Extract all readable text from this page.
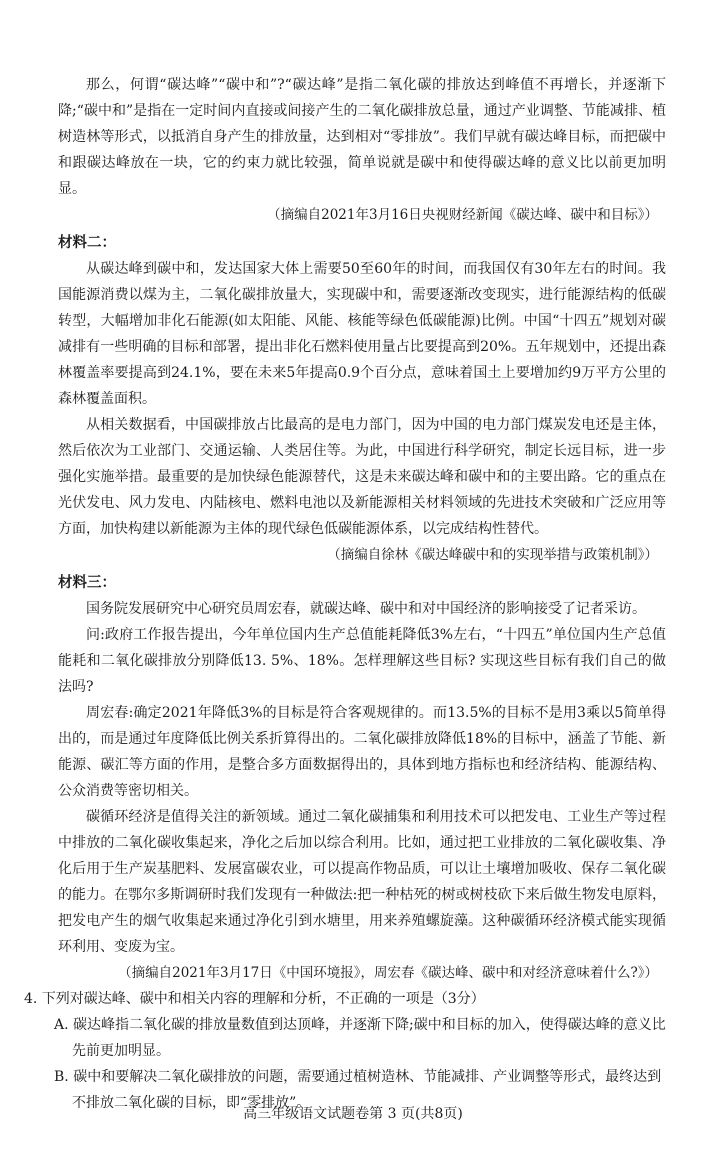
那么，何谓“碳达峰”“碳中和”?“碳达峰”是指二氧化碳的排放达到峰值不再增长，并逐渐下降;“碳中和”是指在一定时间内直接或间接产生的二氧化碳排放总量，通过产业调整、节能减排、植树造林等形式，以抵消自身产生的排放量，达到相对“零排放”。我们早就有碳达峰目标，而把碳中和跟碳达峰放在一块，它的约束力就比较强，简单说就是碳中和使得碳达峰的意义比以前更加明显。

（摘编自2021年3月16日央视财经新闻《碳达峰、碳中和目标》）

材料二：

从碳达峰到碳中和，发达国家大体上需要50至60年的时间，而我国仅有30年左右的时间。我国能源消费以煤为主，二氧化碳排放量大，实现碳中和，需要逐渐改变现实，进行能源结构的低碳转型，大幅增加非化石能源(如太阳能、风能、核能等绿色低碳能源)比例。中国“十四五”规划对碳减排有一些明确的目标和部署，提出非化石燃料使用量占比要提高到20%。五年规划中，还提出森林覆盖率要提高到24.1%，要在未来5年提高0.9个百分点，意味着国土上要增加约9万平方公里的森林覆盖面积。

从相关数据看，中国碳排放占比最高的是电力部门，因为中国的电力部门煤炭发电还是主体，然后依次为工业部门、交通运输、人类居住等。为此，中国进行科学研究，制定长远目标，进一步强化实施举措。最重要的是加快绿色能源替代，这是未来碳达峰和碳中和的主要出路。它的重点在光伏发电、风力发电、内陆核电、燃料电池以及新能源相关材料领域的先进技术突破和广泛应用等方面，加快构建以新能源为主体的现代绿色低碳能源体系，以完成结构性替代。

（摘编自徐林《碳达峰碳中和的实现举措与政策机制》）

材料三：

国务院发展研究中心研究员周宏春，就碳达峰、碳中和对中国经济的影响接受了记者采访。

问:政府工作报告提出，今年单位国内生产总值能耗降低3%左右，“十四五”单位国内生产总值能耗和二氧化碳排放分别降低13. 5%、18%。怎样理解这些目标? 实现这些目标有我们自己的做法吗?

周宏春:确定2021年降低3%的目标是符合客观规律的。而13.5%的目标不是用3乘以5简单得出的，而是通过年度降低比例关系折算得出的。二氧化碳排放降低18%的目标中，涵盖了节能、新能源、碳汇等方面的作用，是整合多方面数据得出的，具体到地方指标也和经济结构、能源结构、公众消费等密切相关。

碳循环经济是值得关注的新领域。通过二氧化碳捕集和利用技术可以把发电、工业生产等过程中排放的二氧化碳收集起来，净化之后加以综合利用。比如，通过把工业排放的二氧化碳收集、净化后用于生产炭基肥料、发展富碳农业，可以提高作物品质，可以让土壤增加吸收、保存二氧化碳的能力。在鄂尔多斯调研时我们发现有一种做法:把一种枯死的树或树枝砍下来后做生物发电原料，把发电产生的烟气收集起来通过净化引到水塘里，用来养殖螺旋藻。这种碳循环经济模式能实现循环利用、变废为宝。

（摘编自2021年3月17日《中国环境报》，周宏春《碳达峰、碳中和对经济意味着什么?》）

4. 下列对碳达峰、碳中和相关内容的理解和分析，不正确的一项是（3分）

A. 碳达峰指二氧化碳的排放量数值到达顶峰，并逐渐下降;碳中和目标的加入，使得碳达峰的意义比先前更加明显。

B. 碳中和要解决二氧化碳排放的问题，需要通过植树造林、节能减排、产业调整等形式，最终达到不排放二氧化碳的目标，即“零排放”。

高三年级语文试题卷第 3 页(共8页)
